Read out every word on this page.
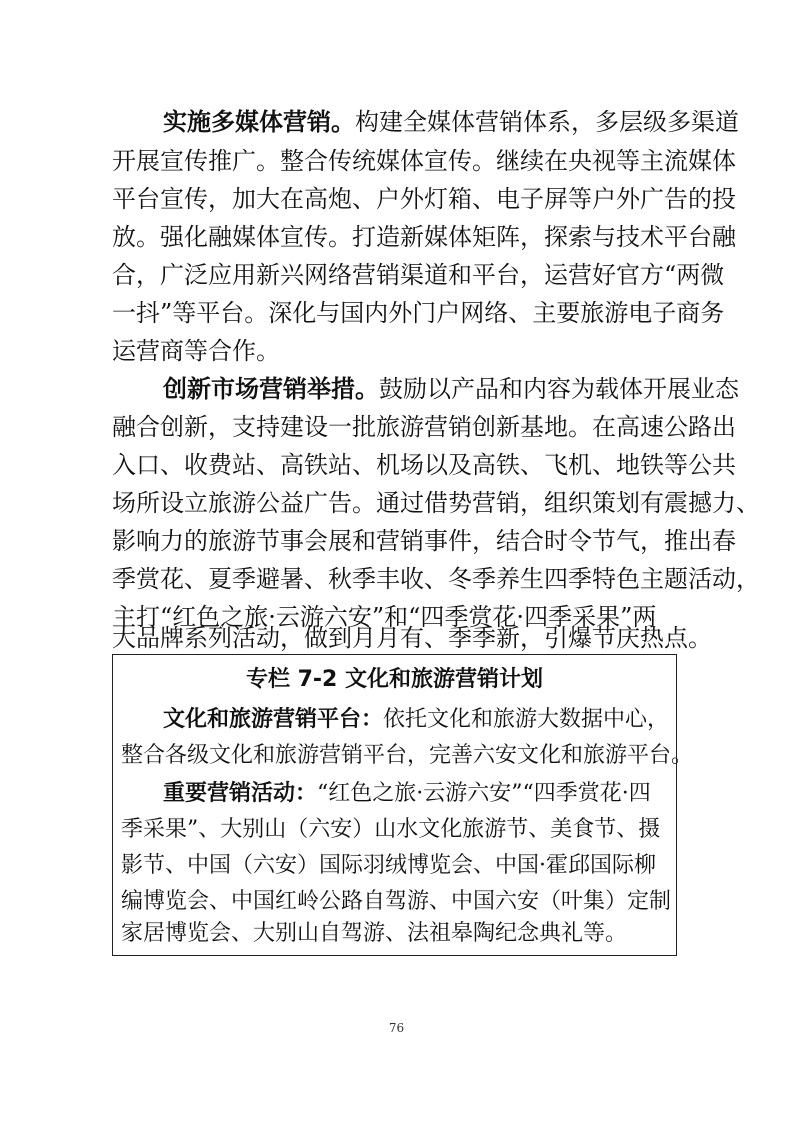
实施多媒体营销。构建全媒体营销体系，多层级多渠道
开展宣传推广。整合传统媒体宣传。继续在央视等主流媒体
平台宣传，加大在高炮、户外灯箱、电子屏等户外广告的投
放。强化融媒体宣传。打造新媒体矩阵，探索与技术平台融
合，广泛应用新兴网络营销渠道和平台，运营好官方“两微
一抖”等平台。深化与国内外门户网络、主要旅游电子商务
运营商等合作。
创新市场营销举措。鼓励以产品和内容为载体开展业态
融合创新，支持建设一批旅游营销创新基地。在高速公路出
入口、收费站、高铁站、机场以及高铁、飞机、地铁等公共
场所设立旅游公益广告。通过借势营销，组织策划有震撼力、
影响力的旅游节事会展和营销事件，结合时令节气，推出春
季赏花、夏季避暑、秋季丰收、冬季养生四季特色主题活动，
主打“红色之旅·云游六安”和“四季赏花·四季采果”两
大品牌系列活动，做到月月有、季季新，引爆节庆热点。
专栏 7-2 文化和旅游营销计划
文化和旅游营销平台：依托文化和旅游大数据中心，
整合各级文化和旅游营销平台，完善六安文化和旅游平台。
重要营销活动：“红色之旅·云游六安”“四季赏花·四
季采果”、大别山（六安）山水文化旅游节、美食节、摄
影节、中国（六安）国际羽绒博览会、中国·霍邱国际柳
编博览会、中国红岭公路自驾游、中国六安（叶集）定制
家居博览会、大别山自驾游、法祖皋陶纪念典礼等。
76
